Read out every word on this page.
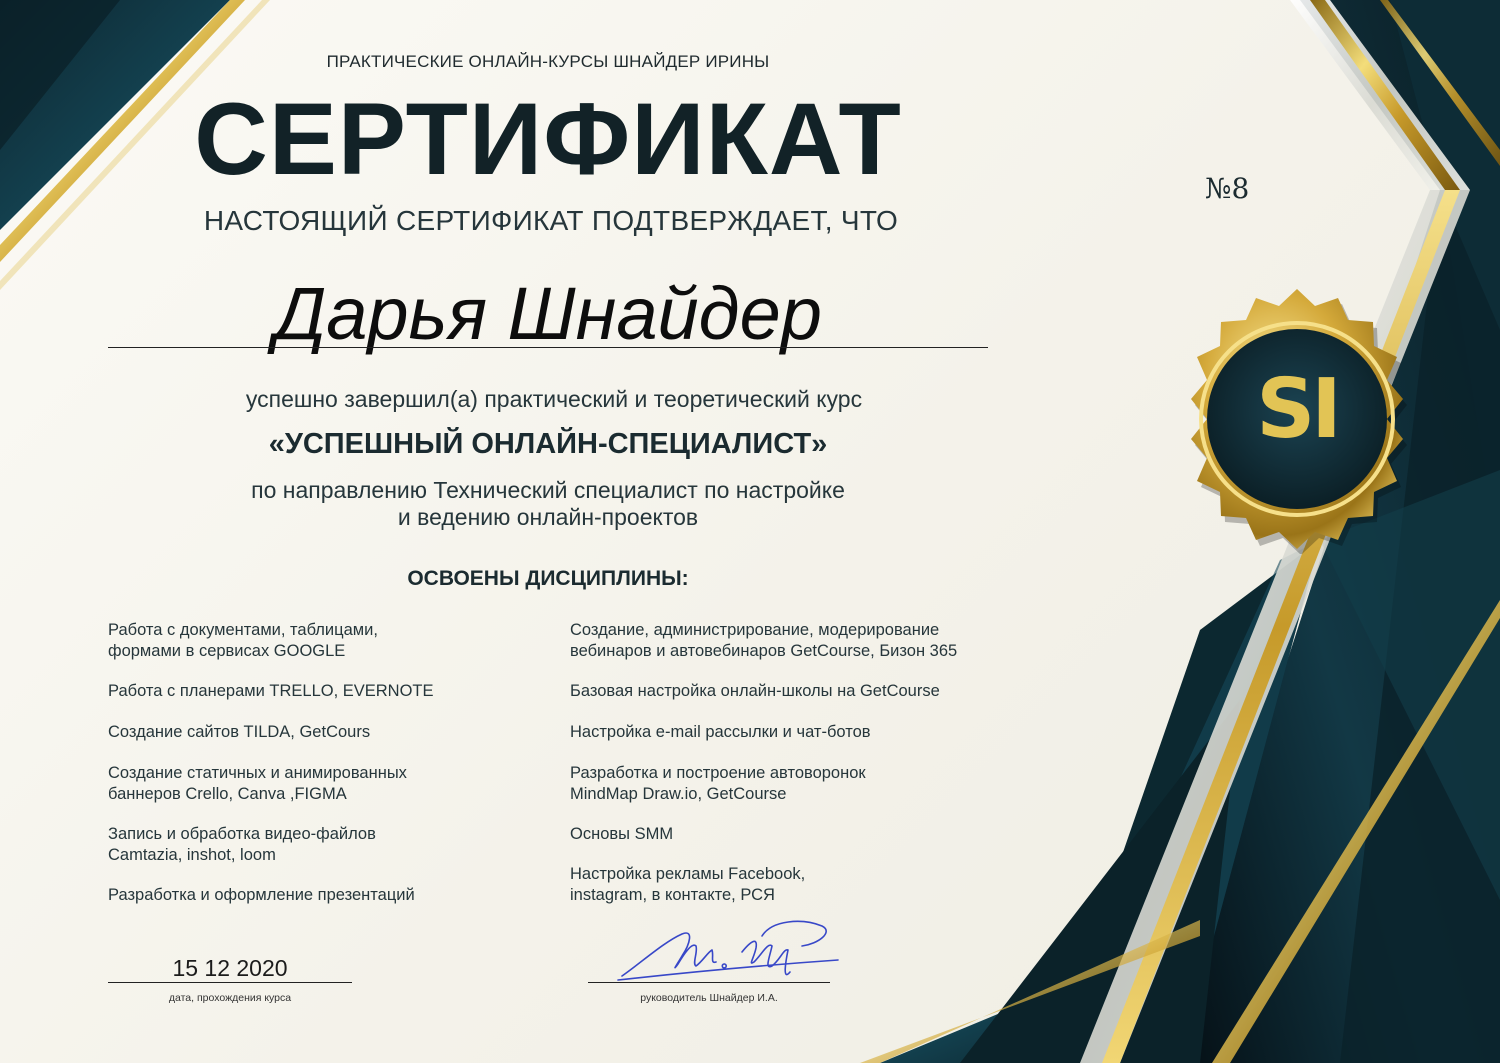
SI

ПРАКТИЧЕСКИЕ ОНЛАЙН-КУРСЫ ШНАЙДЕР ИРИНЫ

СЕРТИФИКАТ	№8

НАСТОЯЩИЙ СЕРТИФИКАТ ПОДТВЕРЖДАЕТ, ЧТО

Дарья Шнайдер

успешно завершил(а) практический и теоретический курс

«УСПЕШНЫЙ ОНЛАЙН-СПЕЦИАЛИСТ»

по направлению Технический специалист по настройке
и ведению онлайн-проектов

ОСВОЕНЫ ДИСЦИПЛИНЫ:

Работа с документами, таблицами,
формами в сервисах GOOGLE
Работа с планерами TRELLO, EVERNOTE
Создание сайтов TILDA, GetCours
Создание статичных и анимированных
баннеров Crello, Canva ,FIGMA
Запись и обработка видео-файлов
Camtazia, inshot, loom
Разработка и оформление презентаций
Создание, администрирование, модерирование
вебинаров и автовебинаров GetCourse, Бизон 365
Базовая настройка онлайн-школы на GetCourse
Настройка e-mail рассылки и чат-ботов
Разработка и построение автоворонок
MindMap Draw.io, GetCourse
Основы SMM
Настройка рекламы Facebook,
instagram, в контакте, РСЯ

15 12 2020

дата, прохождения курса	руководитель Шнайдер И.А.
